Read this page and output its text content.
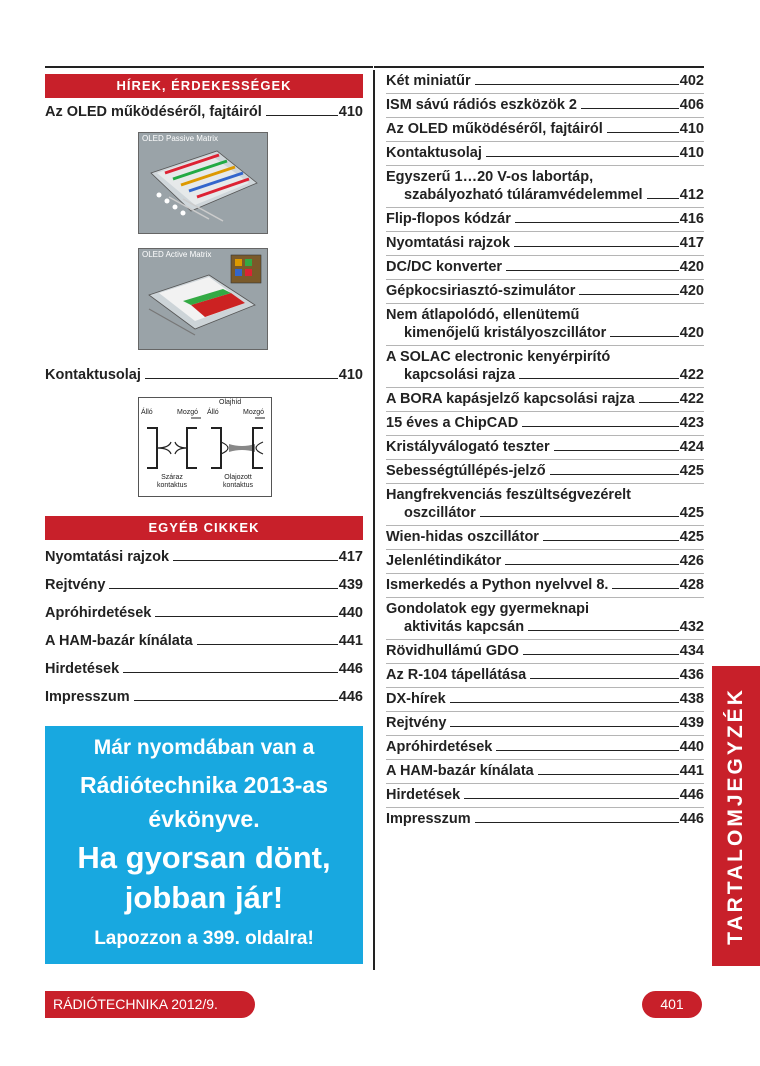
HÍREK, ÉRDEKESSÉGEK
Az OLED működéséről, fajtáiról	410
OLED Passive Matrix
OLED Active Matrix
Kontaktusolaj	410
Olajhíd
Álló	Mozgó Álló	Mozgó
Száraz kontaktus
Olajozott kontaktus
EGYÉB CIKKEK
Nyomtatási rajzok	417
Rejtvény	439
Apróhirdetések	440
A HAM-bazár kínálata	441
Hirdetések	446
Impresszum	446
Már nyomdában van a
Rádiótechnika 2013-as
évkönyve.
Ha gyorsan dönt,
jobban jár!
Lapozzon a 399. oldalra!
Két miniatűr	402
ISM sávú rádiós eszközök 2	406
Az OLED működéséről, fajtáiról	410
Kontaktusolaj	410
Egyszerű 1…20 V-os labortáp,
szabályozható túláramvédelemmel	412
Flip-flopos kódzár	416
Nyomtatási rajzok	417
DC/DC konverter	420
Gépkocsiriasztó-szimulátor	420
Nem átlapolódó, ellenütemű
kimenőjelű kristályoszcillátor	420
A SOLAC electronic kenyérpirító
kapcsolási rajza	422
A BORA kapásjelző kapcsolási rajza	422
15 éves a ChipCAD	423
Kristályválogató teszter	424
Sebességtúllépés-jelző	425
Hangfrekvenciás feszültségvezérelt
oszcillátor	425
Wien-hidas oszcillátor	425
Jelenlétindikátor	426
Ismerkedés a Python nyelvvel 8.	428
Gondolatok egy gyermeknapi
aktivitás kapcsán	432
Rövidhullámú GDO	434
Az R-104 tápellátása	436
DX-hírek	438
Rejtvény	439
Apróhirdetések	440
A HAM-bazár kínálata	441
Hirdetések	446
Impresszum	446 TARTALOMJEGYZÉK
RÁDIÓTECHNIKA 2012/9.	401
